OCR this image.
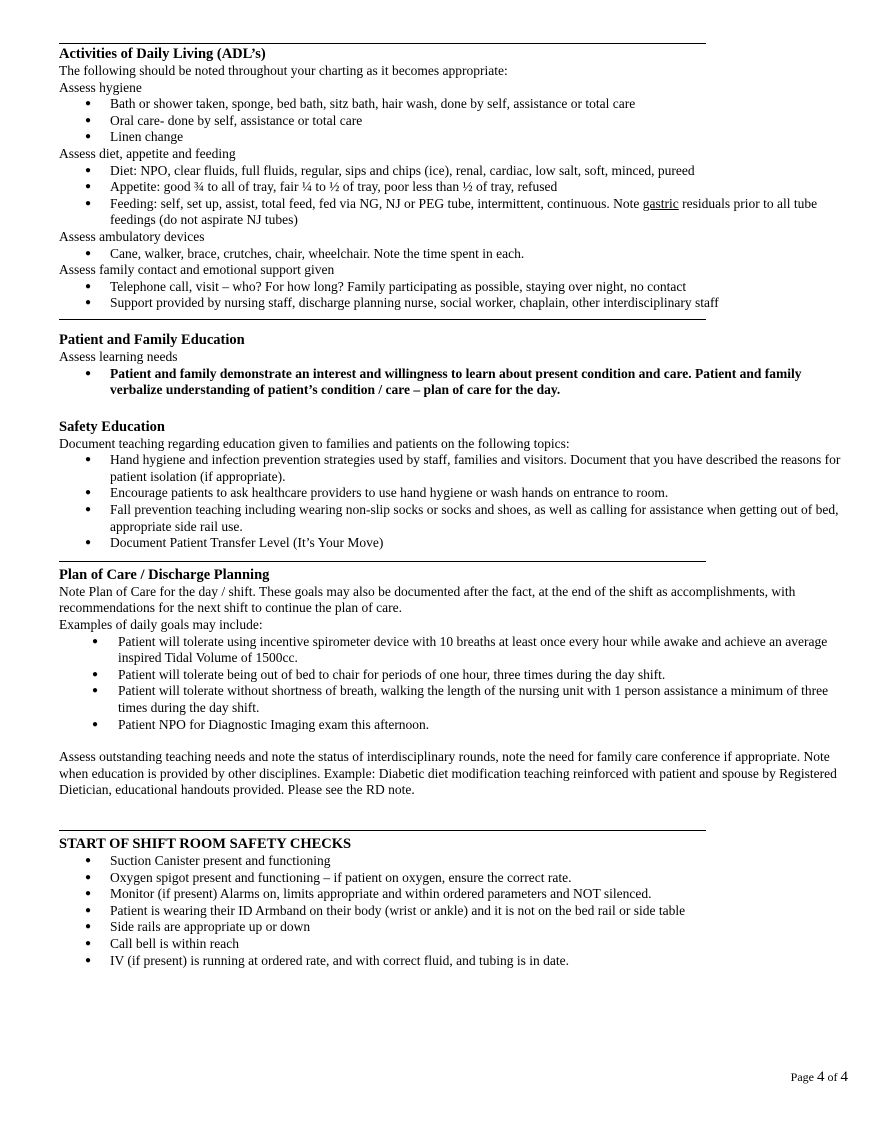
Activities of Daily Living (ADL’s)

The following should be noted throughout your charting as it becomes appropriate:

Assess hygiene

● Bath or shower taken, sponge, bed bath, sitz bath, hair wash, done by self, assistance or total care
● Oral care- done by self, assistance or total care
● Linen change

Assess diet, appetite and feeding

● Diet: NPO, clear fluids, full fluids, regular, sips and chips (ice), renal, cardiac, low salt, soft, minced, pureed
● Appetite: good ¾ to all of tray, fair ¼ to ½ of tray, poor less than ½ of tray, refused
● Feeding: self, set up, assist, total feed, fed via NG, NJ or PEG tube, intermittent, continuous. Note gastric residuals prior to all tube feedings (do not aspirate NJ tubes)

Assess ambulatory devices

● Cane, walker, brace, crutches, chair, wheelchair. Note the time spent in each.

Assess family contact and emotional support given

● Telephone call, visit – who? For how long? Family participating as possible, staying over night, no contact
● Support provided by nursing staff, discharge planning nurse, social worker, chaplain, other interdisciplinary staff
Patient and Family Education

Assess learning needs

● Patient and family demonstrate an interest and willingness to learn about present condition and care. Patient and family verbalize understanding of patient’s condition / care – plan of care for the day.
Safety Education

Document teaching regarding education given to families and patients on the following topics:

● Hand hygiene and infection prevention strategies used by staff, families and visitors. Document that you have described the reasons for patient isolation (if appropriate).
● Encourage patients to ask healthcare providers to use hand hygiene or wash hands on entrance to room.
● Fall prevention teaching including wearing non-slip socks or socks and shoes, as well as calling for assistance when getting out of bed, appropriate side rail use.
● Document Patient Transfer Level (It’s Your Move)
Plan of Care / Discharge Planning

Note Plan of Care for the day / shift. These goals may also be documented after the fact, at the end of the shift as accomplishments, with recommendations for the next shift to continue the plan of care.

Examples of daily goals may include:

● Patient will tolerate using incentive spirometer device with 10 breaths at least once every hour while awake and achieve an average inspired Tidal Volume of 1500cc.
● Patient will tolerate being out of bed to chair for periods of one hour, three times during the day shift.
● Patient will tolerate without shortness of breath, walking the length of the nursing unit with 1 person assistance a minimum of three times during the day shift.
● Patient NPO for Diagnostic Imaging exam this afternoon.

Assess outstanding teaching needs and note the status of interdisciplinary rounds, note the need for family care conference if appropriate. Note when education is provided by other disciplines. Example: Diabetic diet modification teaching reinforced with patient and spouse by Registered Dietician, educational handouts provided. Please see the RD note.

START OF SHIFT ROOM SAFETY CHECKS
● Suction Canister present and functioning
● Oxygen spigot present and functioning – if patient on oxygen, ensure the correct rate.
● Monitor (if present) Alarms on, limits appropriate and within ordered parameters and NOT silenced.
● Patient is wearing their ID Armband on their body (wrist or ankle) and it is not on the bed rail or side table
● Side rails are appropriate up or down
● Call bell is within reach
● IV (if present) is running at ordered rate, and with correct fluid, and tubing is in date.
Page 4 of 4
